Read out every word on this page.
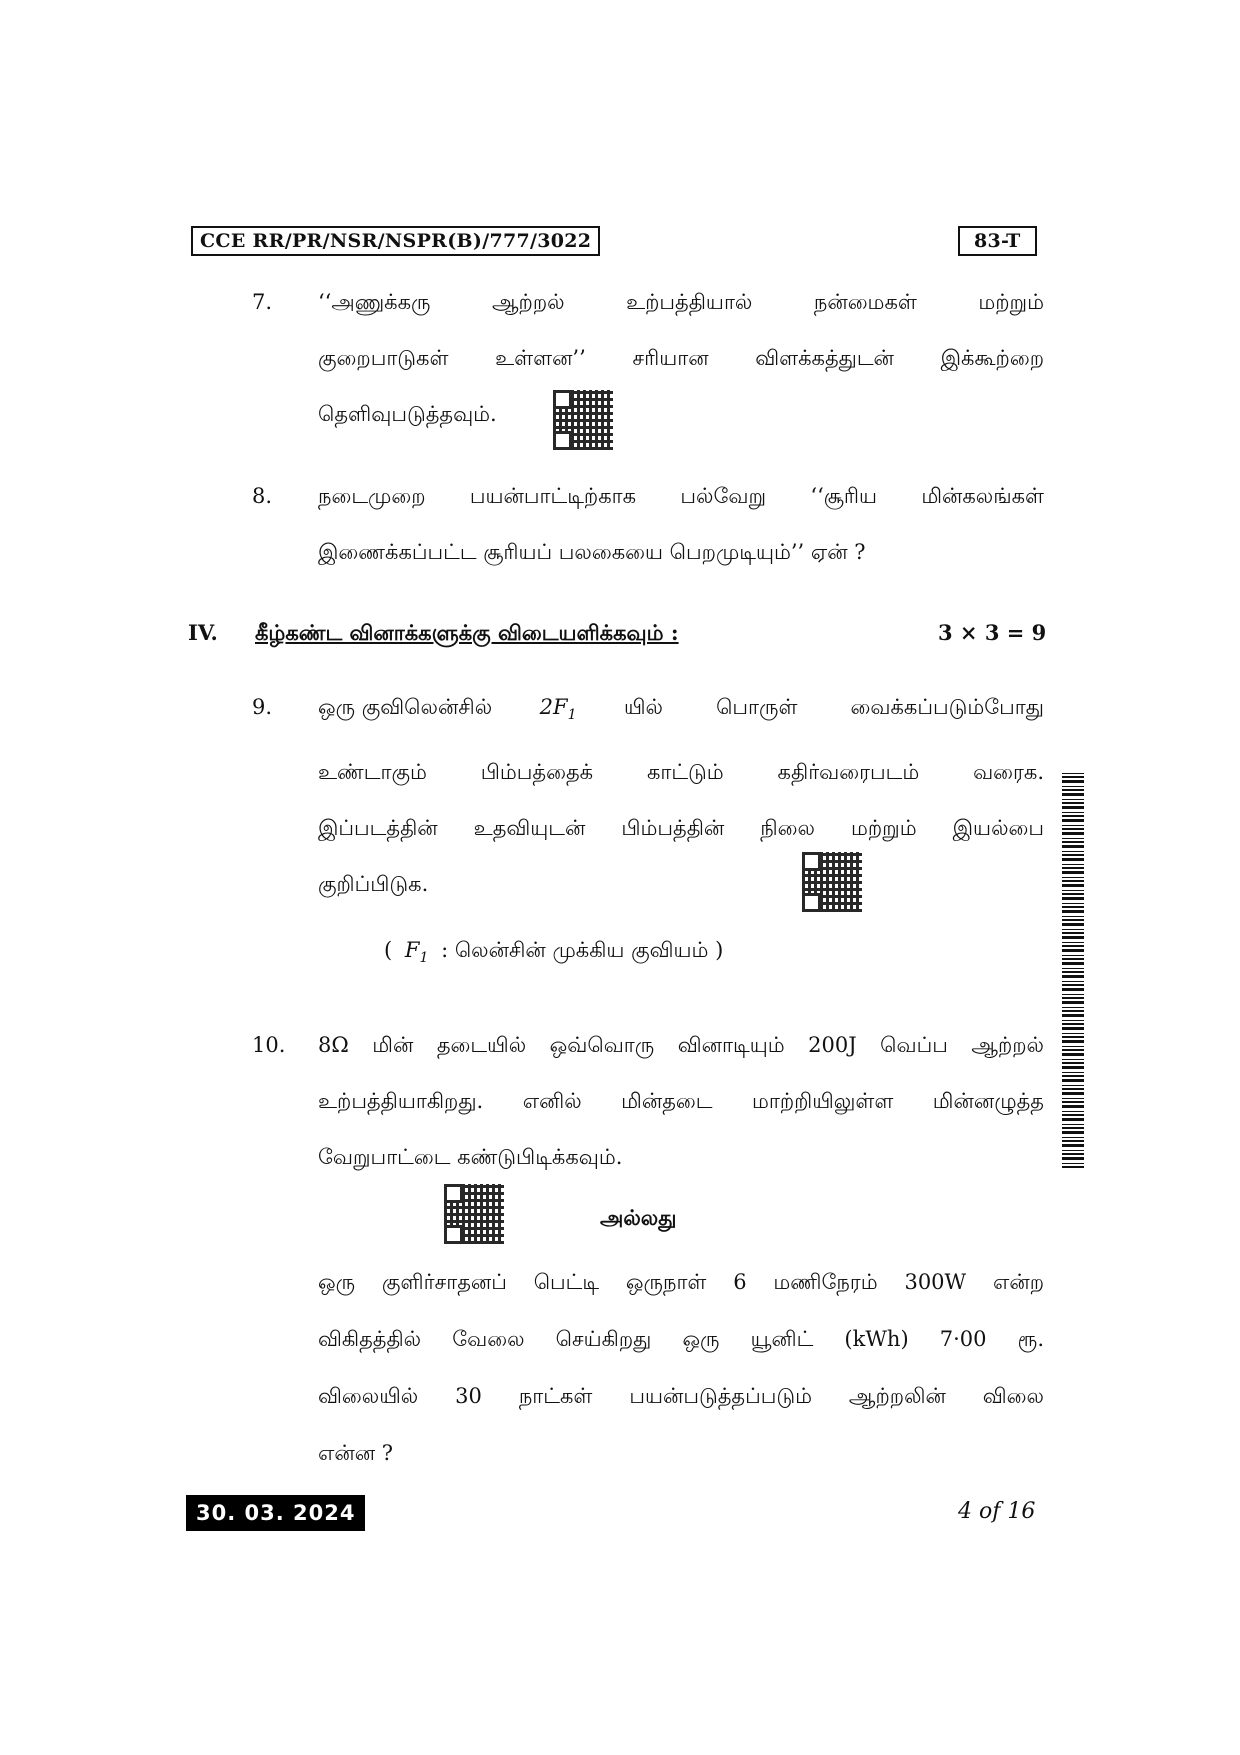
CCE RR/PR/NSR/NSPR(B)/777/3022	83-T
7. ‘‘அணுக்கரு ஆற்றல் உற்பத்தியால் நன்மைகள் மற்றும்
குறைபாடுகள் உள்ளன’’ சரியான விளக்கத்துடன் இக்கூற்றை
தெளிவுபடுத்தவும்.
8. நடைமுறை பயன்பாட்டிற்காக பல்வேறு ‘‘சூரிய மின்கலங்கள்
இணைக்கப்பட்ட சூரியப் பலகையை பெறமுடியும்’’ ஏன் ?
IV. கீழ்கண்ட வினாக்களுக்கு விடையளிக்கவும் :	3 × 3 = 9
9. ஒரு குவிலென்சில் $2F_1$ யில் பொருள் வைக்கப்படும்போது
உண்டாகும் பிம்பத்தைக் காட்டும் கதிர்வரைபடம் வரைக.
இப்படத்தின் உதவியுடன் பிம்பத்தின் நிலை மற்றும் இயல்பை
குறிப்பிடுக.
( $F_1$ : லென்சின் முக்கிய குவியம் )
10. 8Ω மின் தடையில் ஒவ்வொரு வினாடியும் 200J வெப்ப ஆற்றல்
உற்பத்தியாகிறது. எனில் மின்தடை மாற்றியிலுள்ள மின்னழுத்த
வேறுபாட்டை கண்டுபிடிக்கவும்.
அல்லது
ஒரு குளிர்சாதனப் பெட்டி ஒருநாள் 6 மணிநேரம் 300W என்ற
விகிதத்தில் வேலை செய்கிறது ஒரு யூனிட் (kWh) 7·00 ரூ.
விலையில் 30 நாட்கள் பயன்படுத்தப்படும் ஆற்றலின் விலை
என்ன ?
30. 03. 2024	4 of 16
